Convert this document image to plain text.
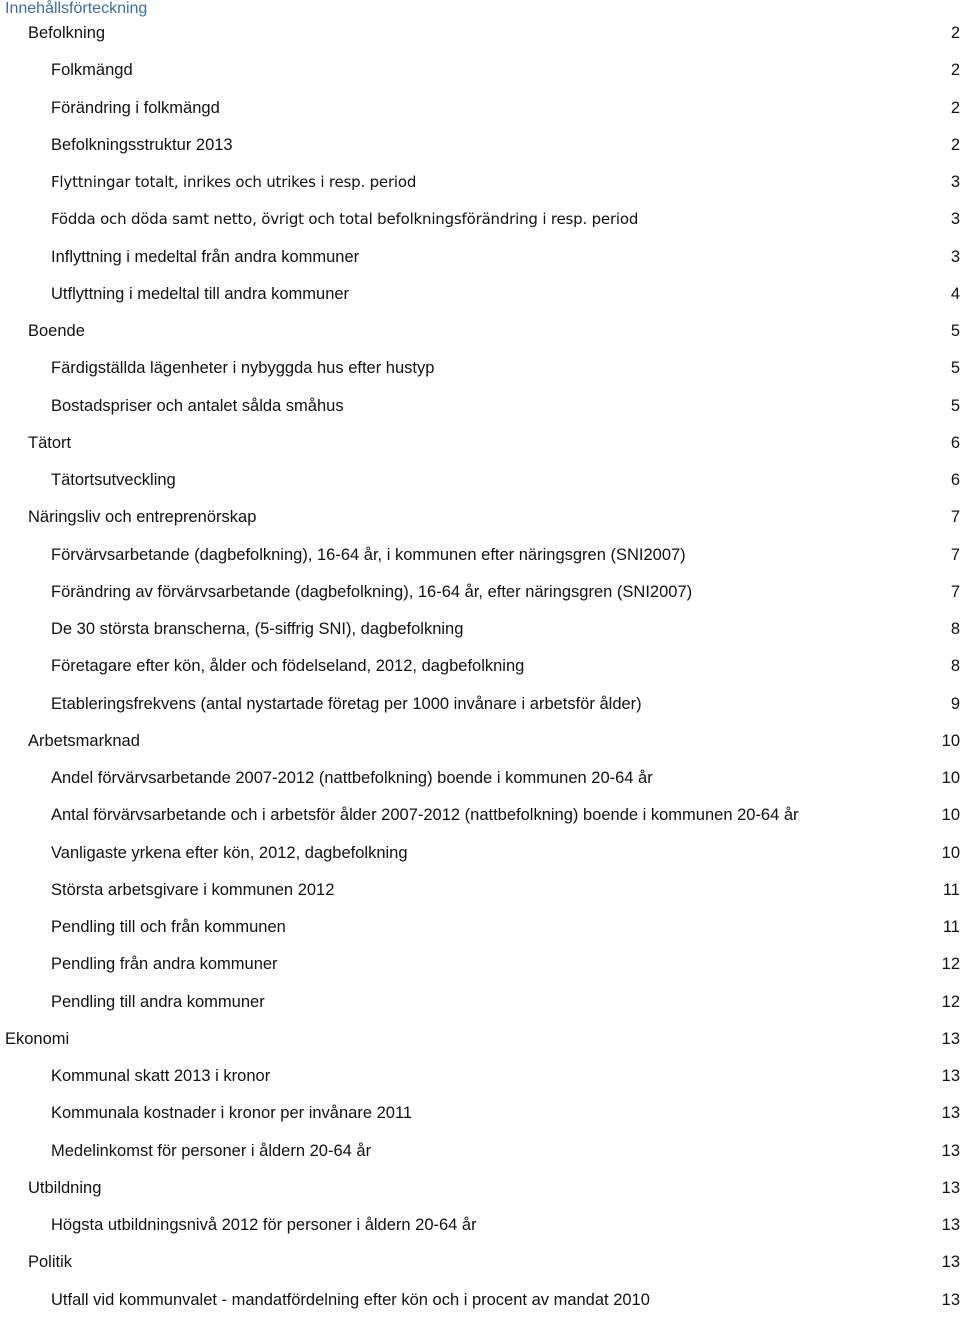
Innehållsförteckning
Befolkning	2
Folkmängd	2
Förändring i folkmängd	2
Befolkningsstruktur 2013	2
Flyttningar totalt, inrikes och utrikes i resp. period	3
Födda och döda samt netto, övrigt och total befolkningsförändring i resp. period	3
Inflyttning i medeltal från andra kommuner	3
Utflyttning i medeltal till andra kommuner	4
Boende	5
Färdigställda lägenheter i nybyggda hus efter hustyp	5
Bostadspriser och antalet sålda småhus	5
Tätort	6
Tätortsutveckling	6
Näringsliv och entreprenörskap	7
Förvärvsarbetande (dagbefolkning), 16-64 år, i kommunen efter näringsgren (SNI2007)	7
Förändring av förvärvsarbetande (dagbefolkning), 16-64 år, efter näringsgren (SNI2007)	7
De 30 största branscherna, (5-siffrig SNI), dagbefolkning	8
Företagare efter kön, ålder och födelseland, 2012, dagbefolkning	8
Etableringsfrekvens (antal nystartade företag per 1000 invånare i arbetsför ålder)	9
Arbetsmarknad	10
Andel förvärvsarbetande 2007-2012 (nattbefolkning) boende i kommunen 20-64 år	10
Antal förvärvsarbetande och i arbetsför ålder 2007-2012 (nattbefolkning) boende i kommunen 20-64 år	10
Vanligaste yrkena efter kön, 2012, dagbefolkning	10
Största arbetsgivare i kommunen 2012	11
Pendling till och från kommunen	11
Pendling från andra kommuner	12
Pendling till andra kommuner	12
Ekonomi	13
Kommunal skatt 2013 i kronor	13
Kommunala kostnader i kronor per invånare 2011	13
Medelinkomst för personer i åldern 20-64 år	13
Utbildning	13
Högsta utbildningsnivå 2012 för personer i åldern 20-64 år	13
Politik	13
Utfall vid kommunvalet - mandatfördelning efter kön och i procent av mandat 2010	13
